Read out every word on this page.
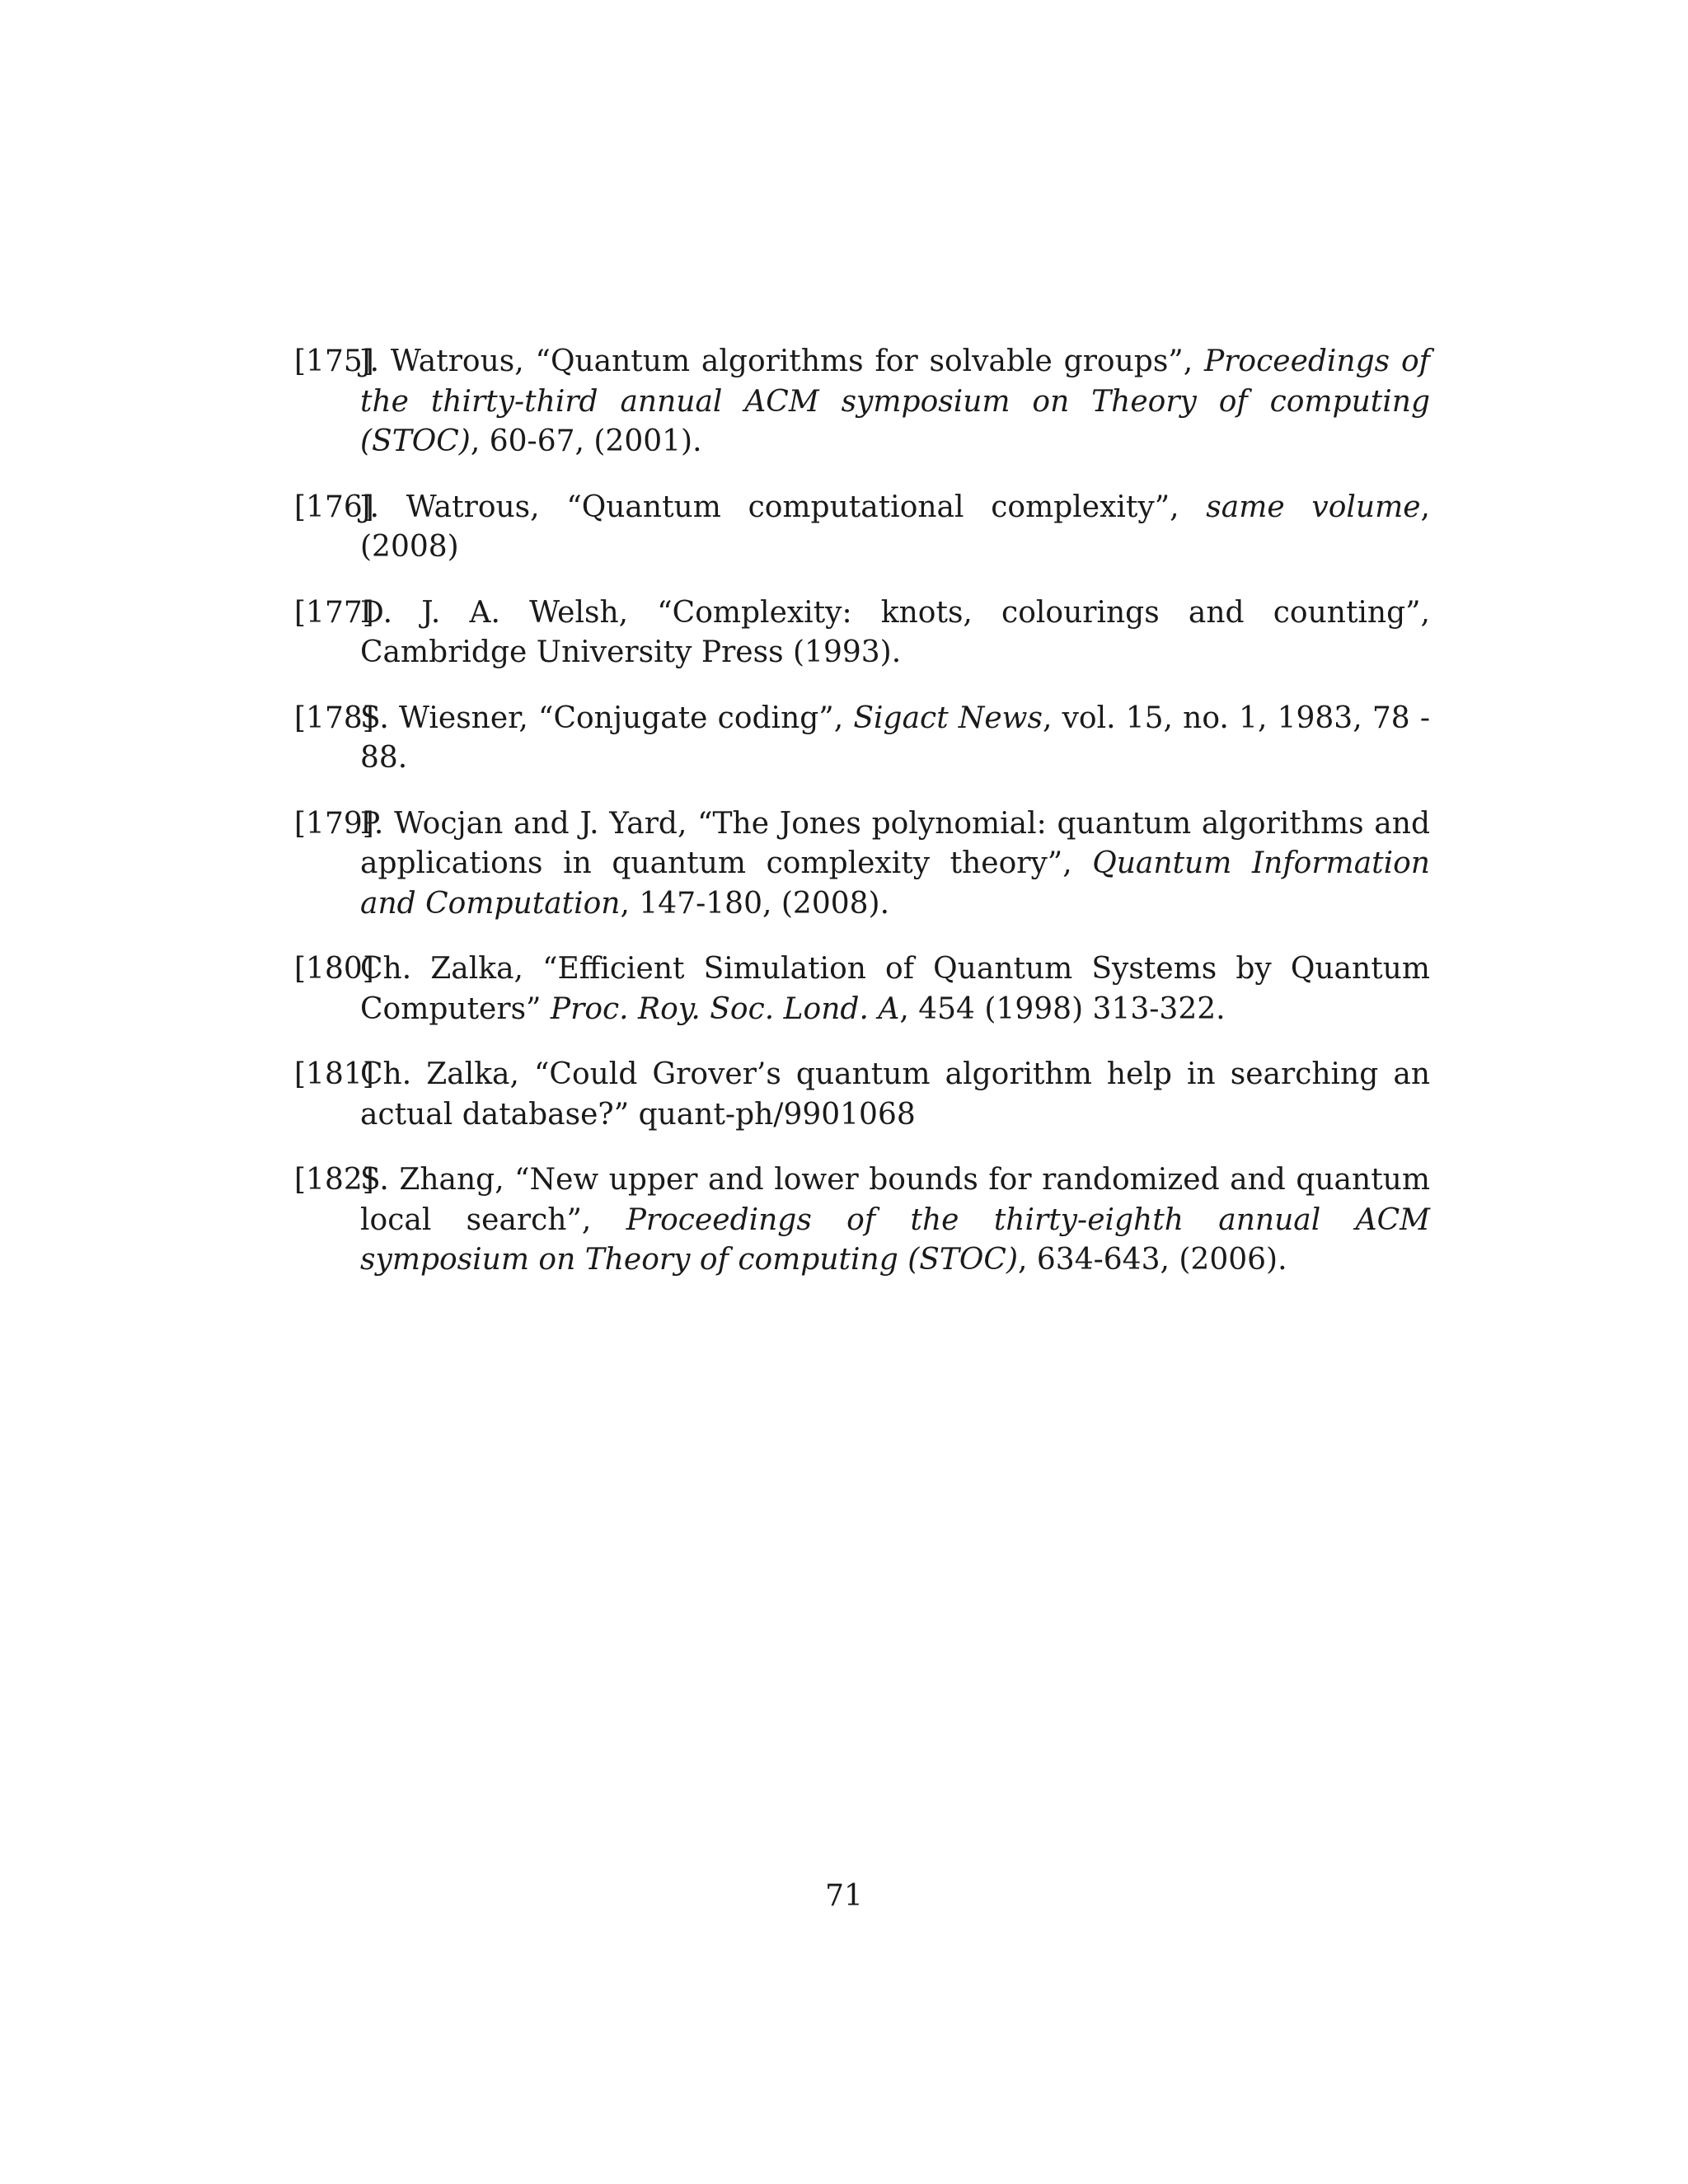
[175]
J. Watrous, “Quantum algorithms for solvable groups”, Proceedings of the thirty-third annual ACM symposium on Theory of computing (STOC), 60-67, (2001).
[176]
J. Watrous, “Quantum computational complexity”, same volume, (2008)
[177]
D. J. A. Welsh, “Complexity: knots, colourings and counting”, Cambridge University Press (1993).
[178]
S. Wiesner, “Conjugate coding”, Sigact News, vol. 15, no. 1, 1983, 78 - 88.
[179]
P. Wocjan and J. Yard, “The Jones polynomial: quantum algorithms and applications in quantum complexity theory”, Quantum Information and Computation, 147-180, (2008).
[180]
Ch. Zalka, “Efficient Simulation of Quantum Systems by Quantum Computers” Proc. Roy. Soc. Lond. A, 454 (1998) 313-322.
[181]
Ch. Zalka, “Could Grover’s quantum algorithm help in searching an actual database?” quant-ph/9901068
[182]
S. Zhang, “New upper and lower bounds for randomized and quantum local search”, Proceedings of the thirty-eighth annual ACM symposium on Theory of computing (STOC), 634-643, (2006).
71
